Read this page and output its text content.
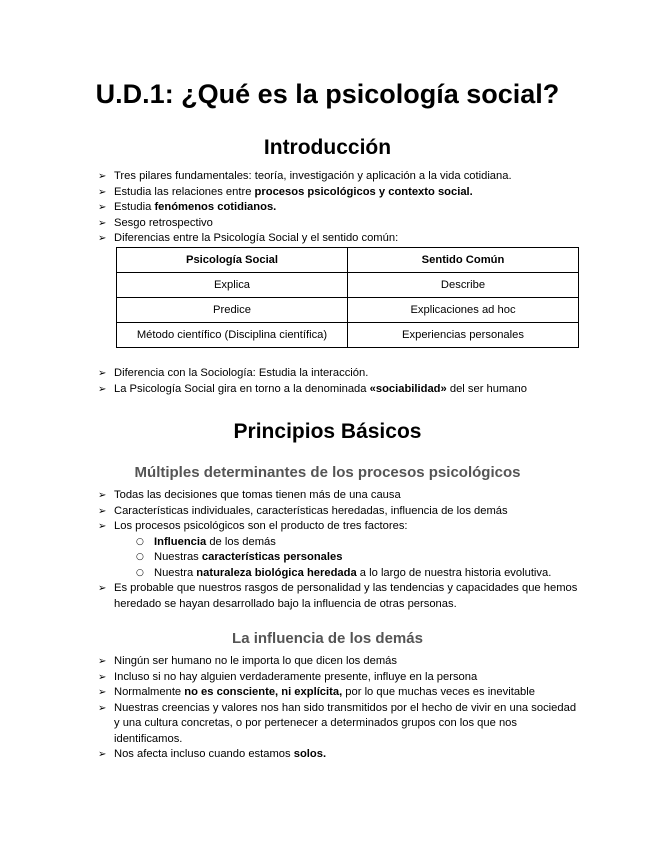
U.D.1: ¿Qué es la psicología social?
Introducción
➢ Tres pilares fundamentales: teoría, investigación y aplicación a la vida cotidiana.
➢ Estudia las relaciones entre procesos psicológicos y contexto social.
➢ Estudia fenómenos cotidianos.
➢ Sesgo retrospectivo
➢ Diferencias entre la Psicología Social y el sentido común:
Psicología Social	Sentido Común
Explica	Describe
Predice	Explicaciones ad hoc
Método científico (Disciplina científica)	Experiencias personales
➢ Diferencia con la Sociología: Estudia la interacción.
➢ La Psicología Social gira en torno a la denominada «sociabilidad» del ser humano
Principios Básicos
Múltiples determinantes de los procesos psicológicos
➢ Todas las decisiones que tomas tienen más de una causa
➢ Características individuales, características heredadas, influencia de los demás
➢ Los procesos psicológicos son el producto de tres factores:
○ Influencia de los demás
○ Nuestras características personales
○ Nuestra naturaleza biológica heredada a lo largo de nuestra historia evolutiva.
➢ Es probable que nuestros rasgos de personalidad y las tendencias y capacidades que hemos heredado se hayan desarrollado bajo la influencia de otras personas.
La influencia de los demás
➢ Ningún ser humano no le importa lo que dicen los demás
➢ Incluso si no hay alguien verdaderamente presente, influye en la persona
➢ Normalmente no es consciente, ni explícita, por lo que muchas veces es inevitable
➢ Nuestras creencias y valores nos han sido transmitidos por el hecho de vivir en una sociedad y una cultura concretas, o por pertenecer a determinados grupos con los que nos identificamos.
➢ Nos afecta incluso cuando estamos solos.
